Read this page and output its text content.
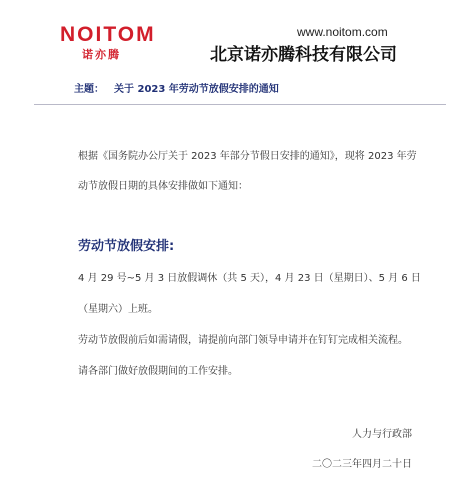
NOITOM
诺亦腾
www.noitom.com
北京诺亦腾科技有限公司
主题： 关于 2023 年劳动节放假安排的通知
根据《国务院办公厅关于 2023 年部分节假日安排的通知》，现将 2023 年劳
动节放假日期的具体安排做如下通知：
劳动节放假安排:
4 月 29 号~5 月 3 日放假调休（共 5 天），4 月 23 日（星期日）、5 月 6 日
（星期六）上班。
劳动节放假前后如需请假，请提前向部门领导申请并在钉钉完成相关流程。
请各部门做好放假期间的工作安排。
人力与行政部
二〇二三年四月二十日
